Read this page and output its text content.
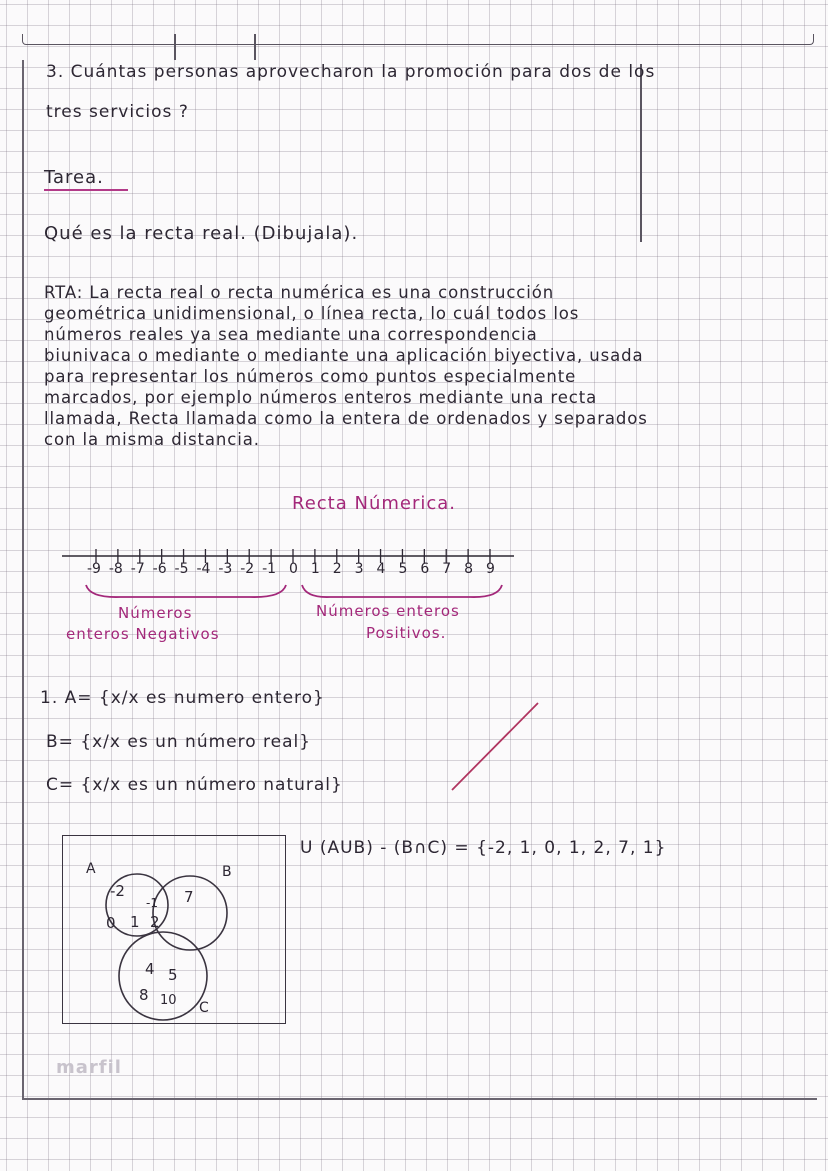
3. Cuántas personas aprovecharon la promoción para dos de los
tres servicios ?
Tarea.
Qué es la recta real. (Dibujala).
RTA: La recta real o recta numérica es una construcción
geométrica unidimensional, o línea recta, lo cuál todos los
números reales ya sea mediante una correspondencia
biunivaca o mediante o mediante una aplicación biyectiva, usada
para representar los números como puntos especialmente
marcados, por ejemplo números enteros mediante una recta
llamada, Recta llamada como la entera de ordenados y separados
con la misma distancia.
Recta Númerica.
-9 -8 -7 -6 -5 -4 -3 -2 -1 0 1 2 3 4 5 6 7 8 9
Números
enteros Negativos
Números enteros
Positivos.
1. A= {x/x es numero entero}
B= {x/x es un número real}
C= {x/x es un número natural}
U (AUB) - (B∩C) = {-2, 1, 0, 1, 2, 7, 1}
A	B
C
-2
0 1
-1
2
7
4 5
8 10
marfil
